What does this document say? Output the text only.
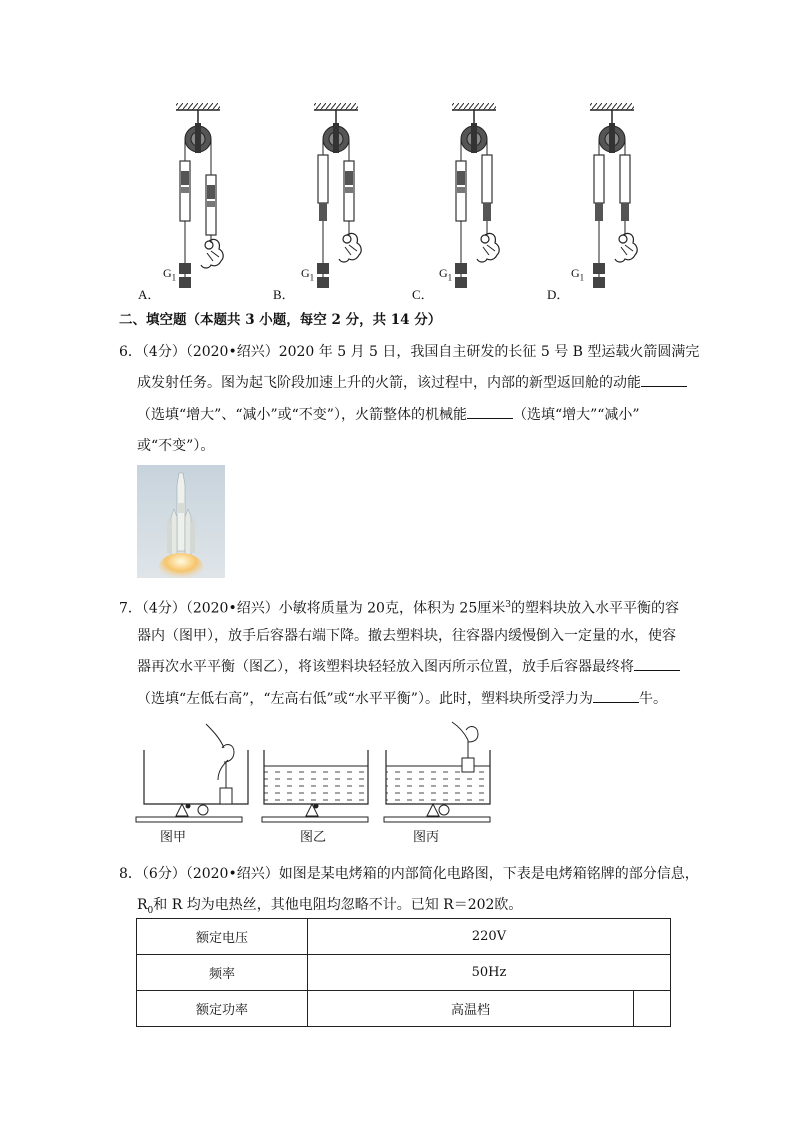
A．	B．	C．	D．
$G_1$	$G_1$	$G_1$	$G_1$
二、填空题（本题共 3 小题，每空 2 分，共 14 分）
6．（4分）（2020•绍兴）2020 年 5 月 5 日，我国自主研发的长征 5 号 B 型运载火箭圆满完
成发射任务。图为起飞阶段加速上升的火箭，该过程中，内部的新型返回舱的动能
（选填“增大”、“减小”或“不变”），火箭整体的机械能	（选填“增大”“减小”
或“不变”）。
7．（4分）（2020•绍兴）小敏将质量为 20克，体积为 25厘米$^3$的塑料块放入水平平衡的容
器内（图甲），放手后容器右端下降。撤去塑料块，往容器内缓慢倒入一定量的水，使容
器再次水平平衡（图乙），将该塑料块轻轻放入图丙所示位置，放手后容器最终将
（选填“左低右高”，“左高右低”或“水平平衡”）。此时，塑料块所受浮力为	牛。
图甲	图乙	图丙
8．（6分）（2020•绍兴）如图是某电烤箱的内部简化电路图，下表是电烤箱铭牌的部分信息，
$R_0$和 R 均为电热丝，其他电阻均忽略不计。已知 R＝202欧。
额定电压	220V	
频率	50Hz	
额定功率	高温档	
